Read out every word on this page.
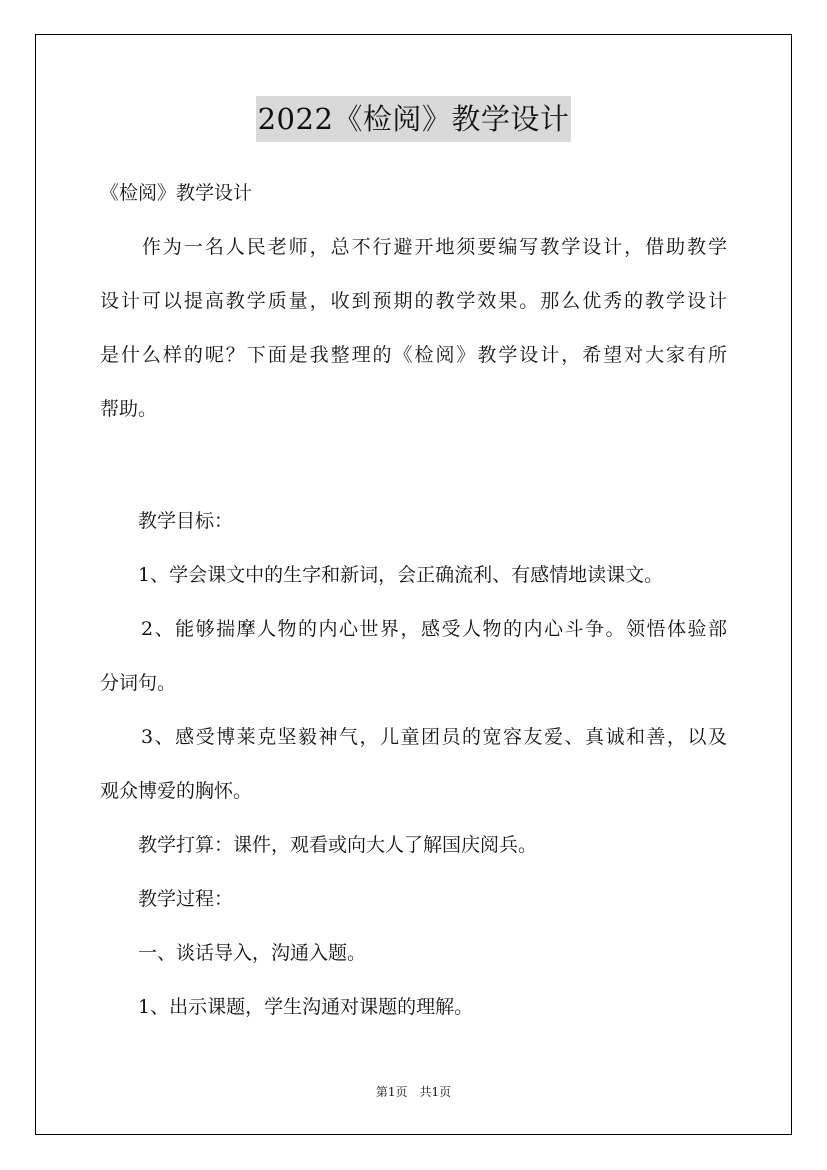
2022《检阅》教学设计
《检阅》教学设计
　　作为一名人民老师，总不行避开地须要编写教学设计，借助教学
设计可以提高教学质量，收到预期的教学效果。那么优秀的教学设计
是什么样的呢？下面是我整理的《检阅》教学设计，希望对大家有所
帮助。
　　教学目标：
　　1、学会课文中的生字和新词，会正确流利、有感情地读课文。
　　2、能够揣摩人物的内心世界，感受人物的内心斗争。领悟体验部
分词句。
　　3、感受博莱克坚毅神气，儿童团员的宽容友爱、真诚和善，以及
观众博爱的胸怀。
　　教学打算：课件，观看或向大人了解国庆阅兵。
　　教学过程：
　　一、谈话导入，沟通入题。
　　1、出示课题，学生沟通对课题的理解。
第1页　共1页
